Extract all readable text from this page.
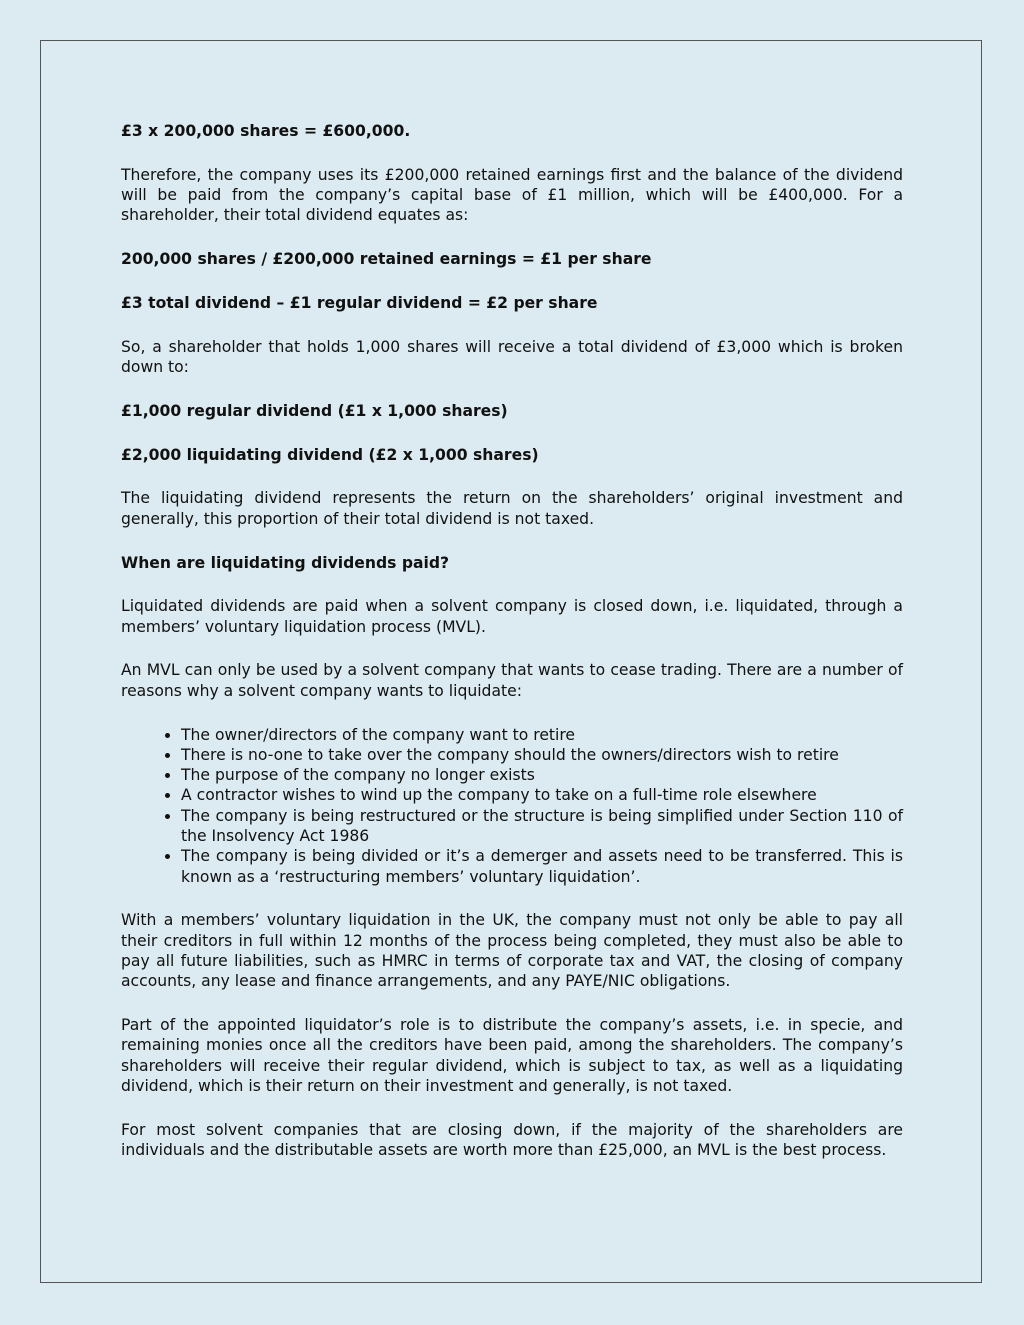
£3 x 200,000 shares = £600,000.

Therefore, the company uses its £200,000 retained earnings first and the balance of the dividend will be paid from the company’s capital base of £1 million, which will be £400,000. For a shareholder, their total dividend equates as:

200,000 shares / £200,000 retained earnings = £1 per share

£3 total dividend – £1 regular dividend = £2 per share

So, a shareholder that holds 1,000 shares will receive a total dividend of £3,000 which is broken down to:

£1,000 regular dividend (£1 x 1,000 shares)

£2,000 liquidating dividend (£2 x 1,000 shares)

The liquidating dividend represents the return on the shareholders’ original investment and generally, this proportion of their total dividend is not taxed.

When are liquidating dividends paid?

Liquidated dividends are paid when a solvent company is closed down, i.e. liquidated, through a members’ voluntary liquidation process (MVL).

An MVL can only be used by a solvent company that wants to cease trading. There are a number of reasons why a solvent company wants to liquidate:

• The owner/directors of the company want to retire
• There is no-one to take over the company should the owners/directors wish to retire
• The purpose of the company no longer exists
• A contractor wishes to wind up the company to take on a full-time role elsewhere
• The company is being restructured or the structure is being simplified under Section 110 of the Insolvency Act 1986
• The company is being divided or it’s a demerger and assets need to be transferred. This is known as a ‘restructuring members’ voluntary liquidation’.

With a members’ voluntary liquidation in the UK, the company must not only be able to pay all their creditors in full within 12 months of the process being completed, they must also be able to pay all future liabilities, such as HMRC in terms of corporate tax and VAT, the closing of company accounts, any lease and finance arrangements, and any PAYE/NIC obligations.

Part of the appointed liquidator’s role is to distribute the company’s assets, i.e. in specie, and remaining monies once all the creditors have been paid, among the shareholders. The company’s shareholders will receive their regular dividend, which is subject to tax, as well as a liquidating dividend, which is their return on their investment and generally, is not taxed.

For most solvent companies that are closing down, if the majority of the shareholders are individuals and the distributable assets are worth more than £25,000, an MVL is the best process.
